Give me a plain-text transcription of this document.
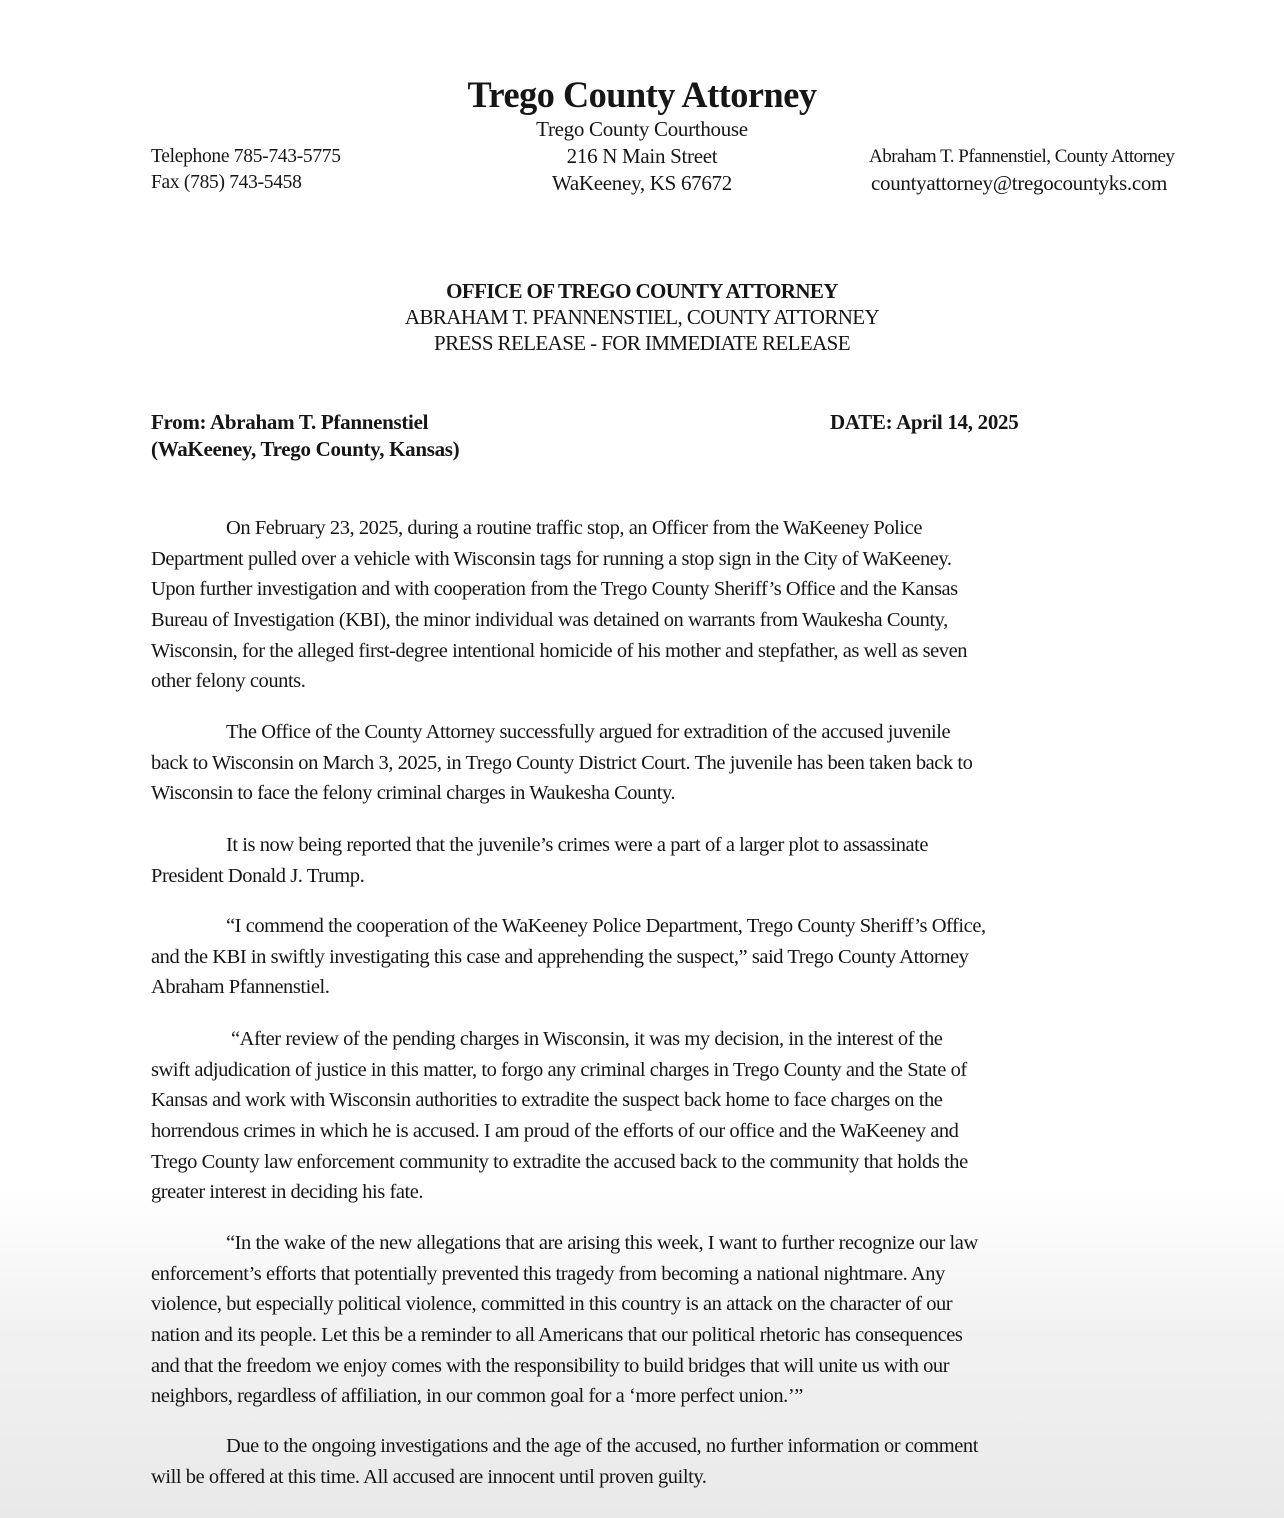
Trego County Attorney
Trego County Courthouse
216 N Main Street
WaKeeney, KS 67672
Telephone 785-743-5775
Fax (785) 743-5458
Abraham T. Pfannenstiel, County Attorney
countyattorney@tregocountyks.com
OFFICE OF TREGO COUNTY ATTORNEY
ABRAHAM T. PFANNENSTIEL, COUNTY ATTORNEY
PRESS RELEASE - FOR IMMEDIATE RELEASE
From: Abraham T. Pfannenstiel
(WaKeeney, Trego County, Kansas)
DATE: April 14, 2025
On February 23, 2025, during a routine traffic stop, an Officer from the WaKeeney Police
Department pulled over a vehicle with Wisconsin tags for running a stop sign in the City of WaKeeney.
Upon further investigation and with cooperation from the Trego County Sheriff’s Office and the Kansas
Bureau of Investigation (KBI), the minor individual was detained on warrants from Waukesha County,
Wisconsin, for the alleged first-degree intentional homicide of his mother and stepfather, as well as seven
other felony counts.
The Office of the County Attorney successfully argued for extradition of the accused juvenile
back to Wisconsin on March 3, 2025, in Trego County District Court. The juvenile has been taken back to
Wisconsin to face the felony criminal charges in Waukesha County.
It is now being reported that the juvenile’s crimes were a part of a larger plot to assassinate
President Donald J. Trump.
“I commend the cooperation of the WaKeeney Police Department, Trego County Sheriff’s Office,
and the KBI in swiftly investigating this case and apprehending the suspect,” said Trego County Attorney
Abraham Pfannenstiel.
“After review of the pending charges in Wisconsin, it was my decision, in the interest of the
swift adjudication of justice in this matter, to forgo any criminal charges in Trego County and the State of
Kansas and work with Wisconsin authorities to extradite the suspect back home to face charges on the
horrendous crimes in which he is accused. I am proud of the efforts of our office and the WaKeeney and
Trego County law enforcement community to extradite the accused back to the community that holds the
greater interest in deciding his fate.
“In the wake of the new allegations that are arising this week, I want to further recognize our law
enforcement’s efforts that potentially prevented this tragedy from becoming a national nightmare. Any
violence, but especially political violence, committed in this country is an attack on the character of our
nation and its people. Let this be a reminder to all Americans that our political rhetoric has consequences
and that the freedom we enjoy comes with the responsibility to build bridges that will unite us with our
neighbors, regardless of affiliation, in our common goal for a ‘more perfect union.’”
Due to the ongoing investigations and the age of the accused, no further information or comment
will be offered at this time. All accused are innocent until proven guilty.
